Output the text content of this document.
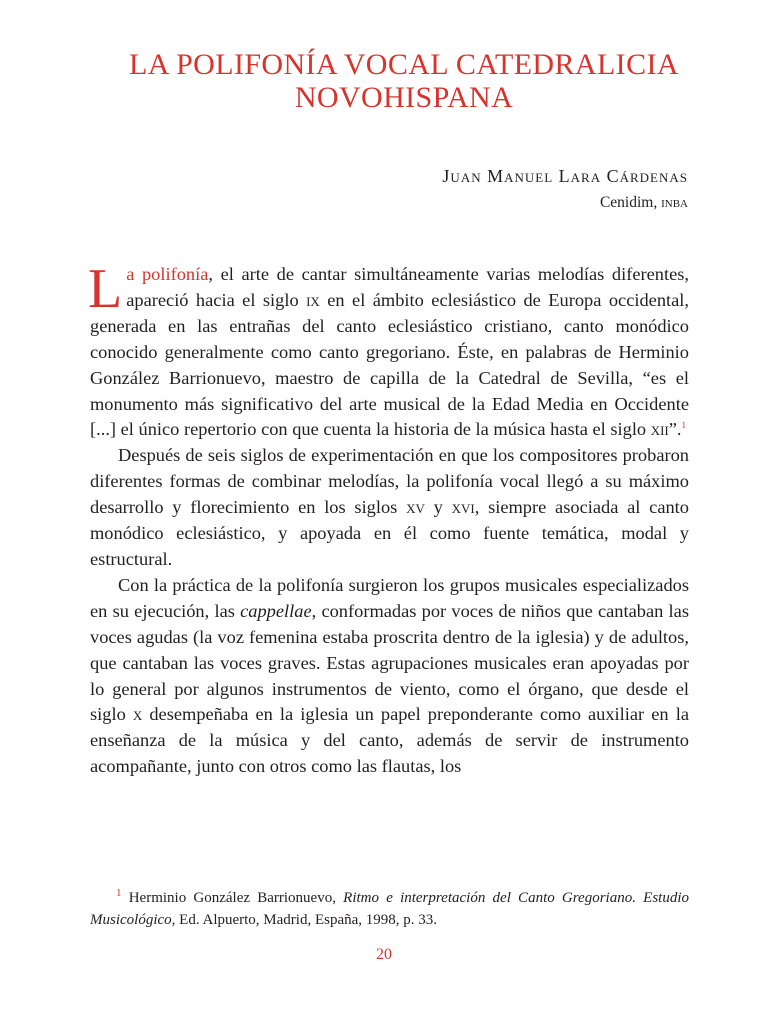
LA POLIFONÍA VOCAL CATEDRALICIA
NOVOHISPANA

Juan Manuel Lara Cárdenas

Cenidim, inba

La polifonía, el arte de cantar simultáneamente varias melodías diferentes, apareció hacia el siglo ix en el ámbito eclesiástico de Europa occidental, generada en las entrañas del canto eclesiástico cristiano, canto monódico conocido generalmente como canto gregoriano. Éste, en palabras de Herminio González Barrionuevo, maestro de capilla de la Catedral de Sevilla, “es el monumento más significativo del arte musical de la Edad Media en Occidente [...] el único repertorio con que cuenta la historia de la música hasta el siglo xii”.$^1$

Después de seis siglos de experimentación en que los compositores probaron diferentes formas de combinar melodías, la polifonía vocal llegó a su máximo desarrollo y florecimiento en los siglos xv y xvi, siempre asociada al canto monódico eclesiástico, y apoyada en él como fuente temática, modal y estructural.

Con la práctica de la polifonía surgieron los grupos musicales especializados en su ejecución, las cappellae, conformadas por voces de niños que cantaban las voces agudas (la voz femenina estaba proscrita dentro de la iglesia) y de adultos, que cantaban las voces graves. Estas agrupaciones musicales eran apoyadas por lo general por algunos instrumentos de viento, como el órgano, que desde el siglo x desempeñaba en la iglesia un papel preponderante como auxiliar en la enseñanza de la música y del canto, además de servir de instrumento acompañante, junto con otros como las flautas, los

$^1$ Herminio González Barrionuevo, Ritmo e interpretación del Canto Gregoriano. Estudio Musicológico, Ed. Alpuerto, Madrid, España, 1998, p. 33.

20
